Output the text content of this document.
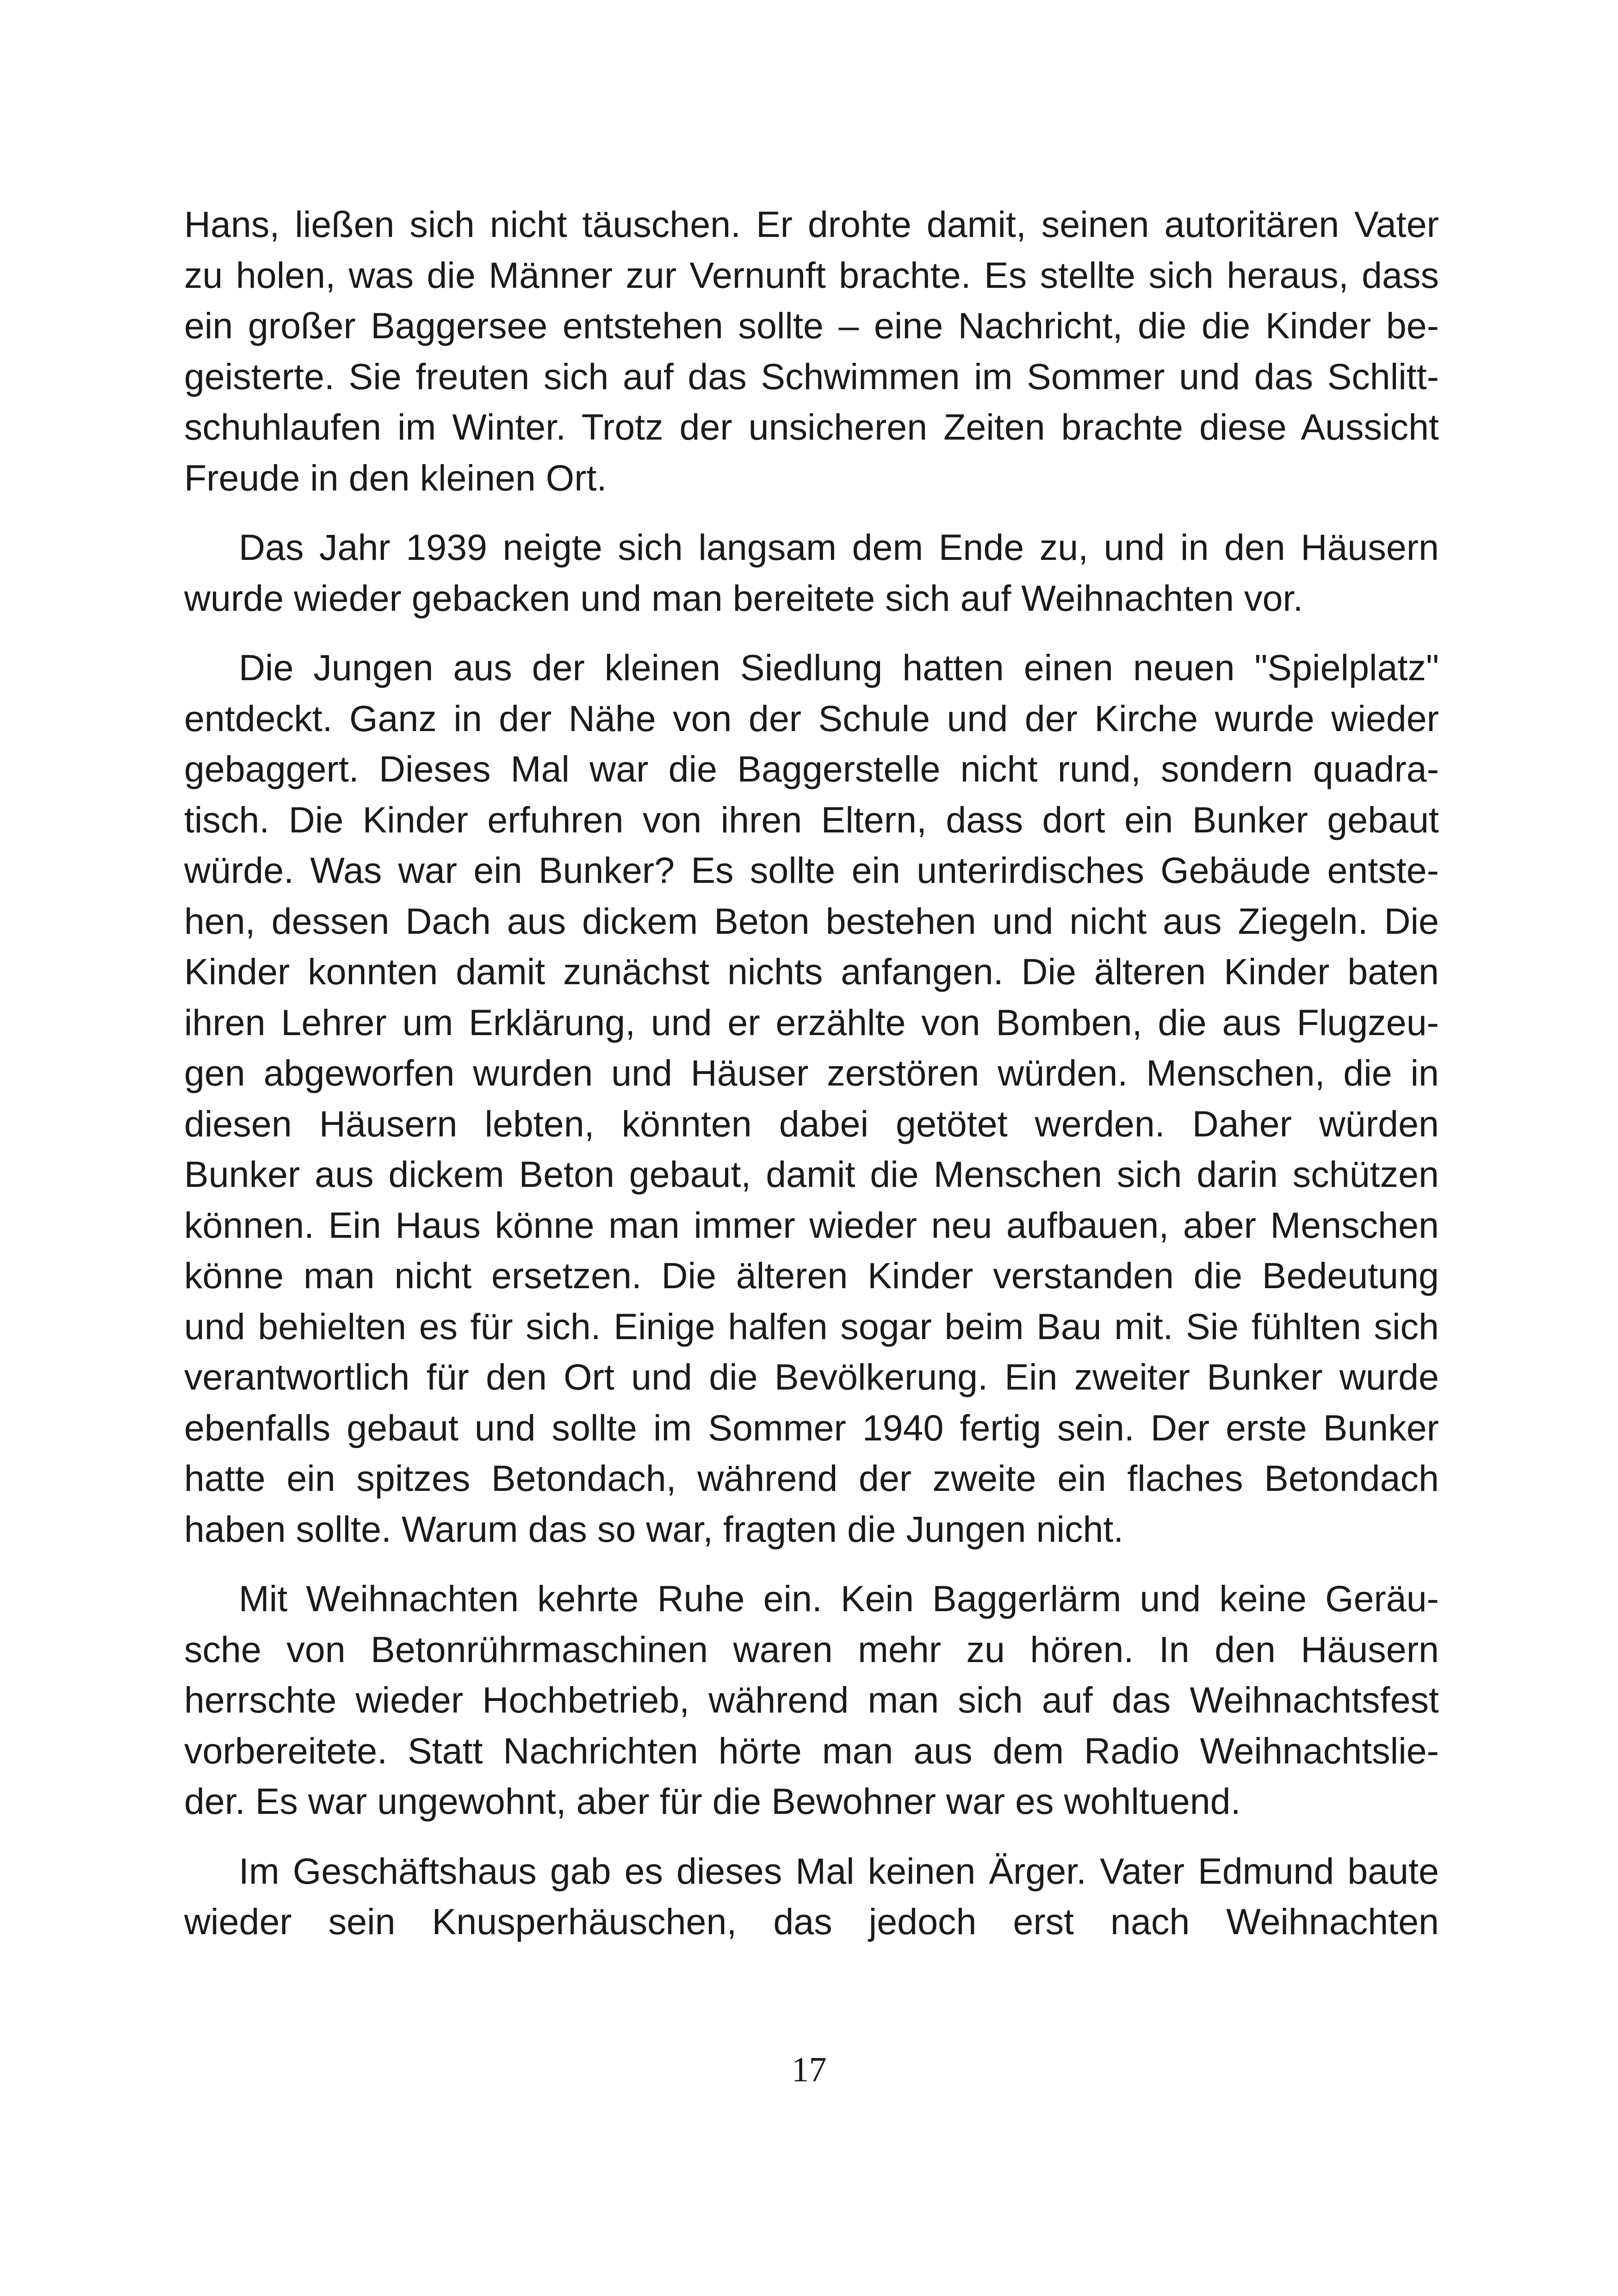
Hans, ließen sich nicht täuschen. Er drohte damit, seinen autoritären Vater
zu holen, was die Männer zur Vernunft brachte. Es stellte sich heraus, dass
ein großer Baggersee entstehen sollte – eine Nachricht, die die Kinder be-
geisterte. Sie freuten sich auf das Schwimmen im Sommer und das Schlitt-
schuhlaufen im Winter. Trotz der unsicheren Zeiten brachte diese Aussicht
Freude in den kleinen Ort.

Das Jahr 1939 neigte sich langsam dem Ende zu, und in den Häusern
wurde wieder gebacken und man bereitete sich auf Weihnachten vor.

Die Jungen aus der kleinen Siedlung hatten einen neuen "Spielplatz"
entdeckt. Ganz in der Nähe von der Schule und der Kirche wurde wieder
gebaggert. Dieses Mal war die Baggerstelle nicht rund, sondern quadra-
tisch. Die Kinder erfuhren von ihren Eltern, dass dort ein Bunker gebaut
würde. Was war ein Bunker? Es sollte ein unterirdisches Gebäude entste-
hen, dessen Dach aus dickem Beton bestehen und nicht aus Ziegeln. Die
Kinder konnten damit zunächst nichts anfangen. Die älteren Kinder baten
ihren Lehrer um Erklärung, und er erzählte von Bomben, die aus Flugzeu-
gen abgeworfen wurden und Häuser zerstören würden. Menschen, die in
diesen Häusern lebten, könnten dabei getötet werden. Daher würden
Bunker aus dickem Beton gebaut, damit die Menschen sich darin schützen
können. Ein Haus könne man immer wieder neu aufbauen, aber Menschen
könne man nicht ersetzen. Die älteren Kinder verstanden die Bedeutung
und behielten es für sich. Einige halfen sogar beim Bau mit. Sie fühlten sich
verantwortlich für den Ort und die Bevölkerung. Ein zweiter Bunker wurde
ebenfalls gebaut und sollte im Sommer 1940 fertig sein. Der erste Bunker
hatte ein spitzes Betondach, während der zweite ein flaches Betondach
haben sollte. Warum das so war, fragten die Jungen nicht.

Mit Weihnachten kehrte Ruhe ein. Kein Baggerlärm und keine Geräu-
sche von Betonrührmaschinen waren mehr zu hören. In den Häusern
herrschte wieder Hochbetrieb, während man sich auf das Weihnachtsfest
vorbereitete. Statt Nachrichten hörte man aus dem Radio Weihnachtslie-
der. Es war ungewohnt, aber für die Bewohner war es wohltuend.

Im Geschäftshaus gab es dieses Mal keinen Ärger. Vater Edmund baute
wieder sein Knusperhäuschen, das jedoch erst nach Weihnachten

17
